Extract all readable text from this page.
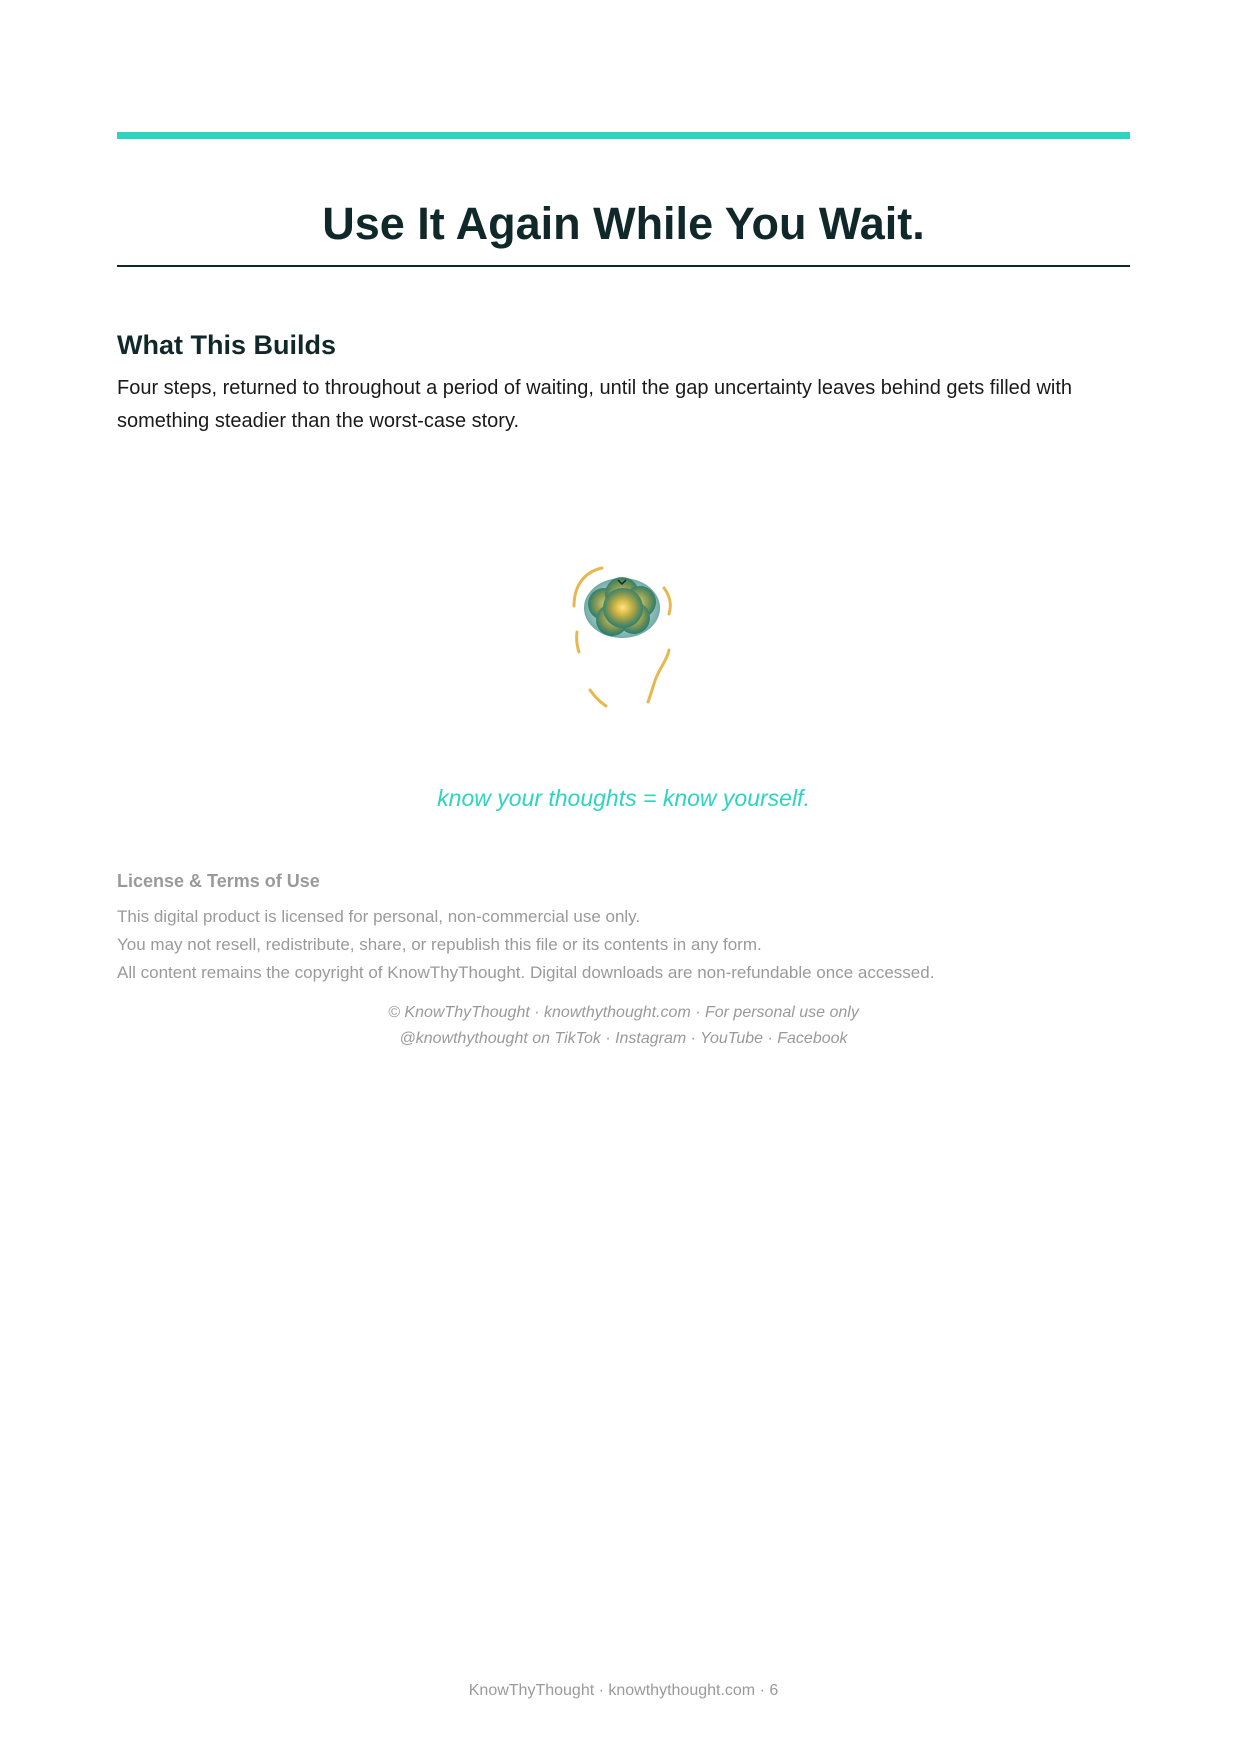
Use It Again While You Wait.
What This Builds

Four steps, returned to throughout a period of waiting, until the gap uncertainty leaves behind gets filled with something steadier than the worst-case story.

know your thoughts = know yourself.

License & Terms of Use
This digital product is licensed for personal, non-commercial use only.
You may not resell, redistribute, share, or republish this file or its contents in any form.
All content remains the copyright of KnowThyThought. Digital downloads are non-refundable once accessed.
© KnowThyThought · knowthythought.com · For personal use only
@knowthythought on TikTok · Instagram · YouTube · Facebook

KnowThyThought · knowthythought.com · 6
